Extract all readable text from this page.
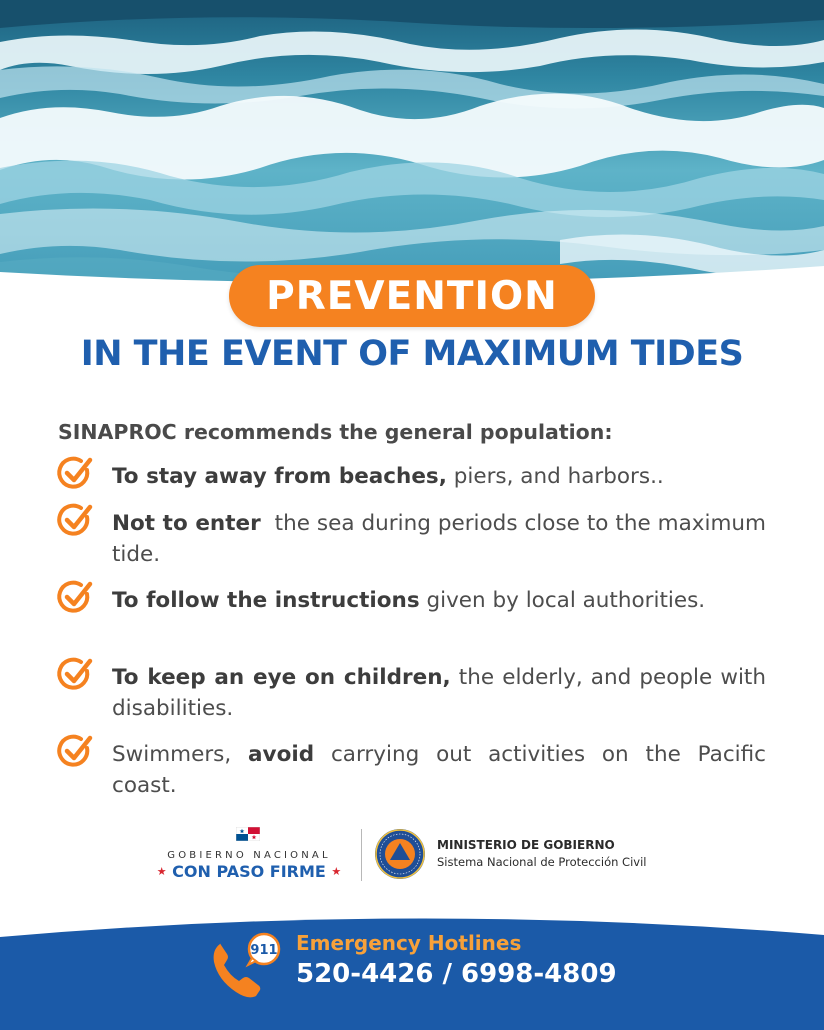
PREVENTION
IN THE EVENT OF MAXIMUM TIDES
SINAPROC recommends the general population:
To stay away from beaches, piers, and harbors..
Not to enter  the sea during periods close to the maximum tide.
To follow the instructions given by local authorities.
To keep an eye on children, the elderly, and people with disabilities.
Swimmers, avoid carrying out activities on the Pacific coast.
GOBIERNO NACIONAL
★ CON PASO FIRME ★
MINISTERIO DE GOBIERNO
Sistema Nacional de Protección Civil
911 Emergency Hotlines
520-4426 / 6998-4809
